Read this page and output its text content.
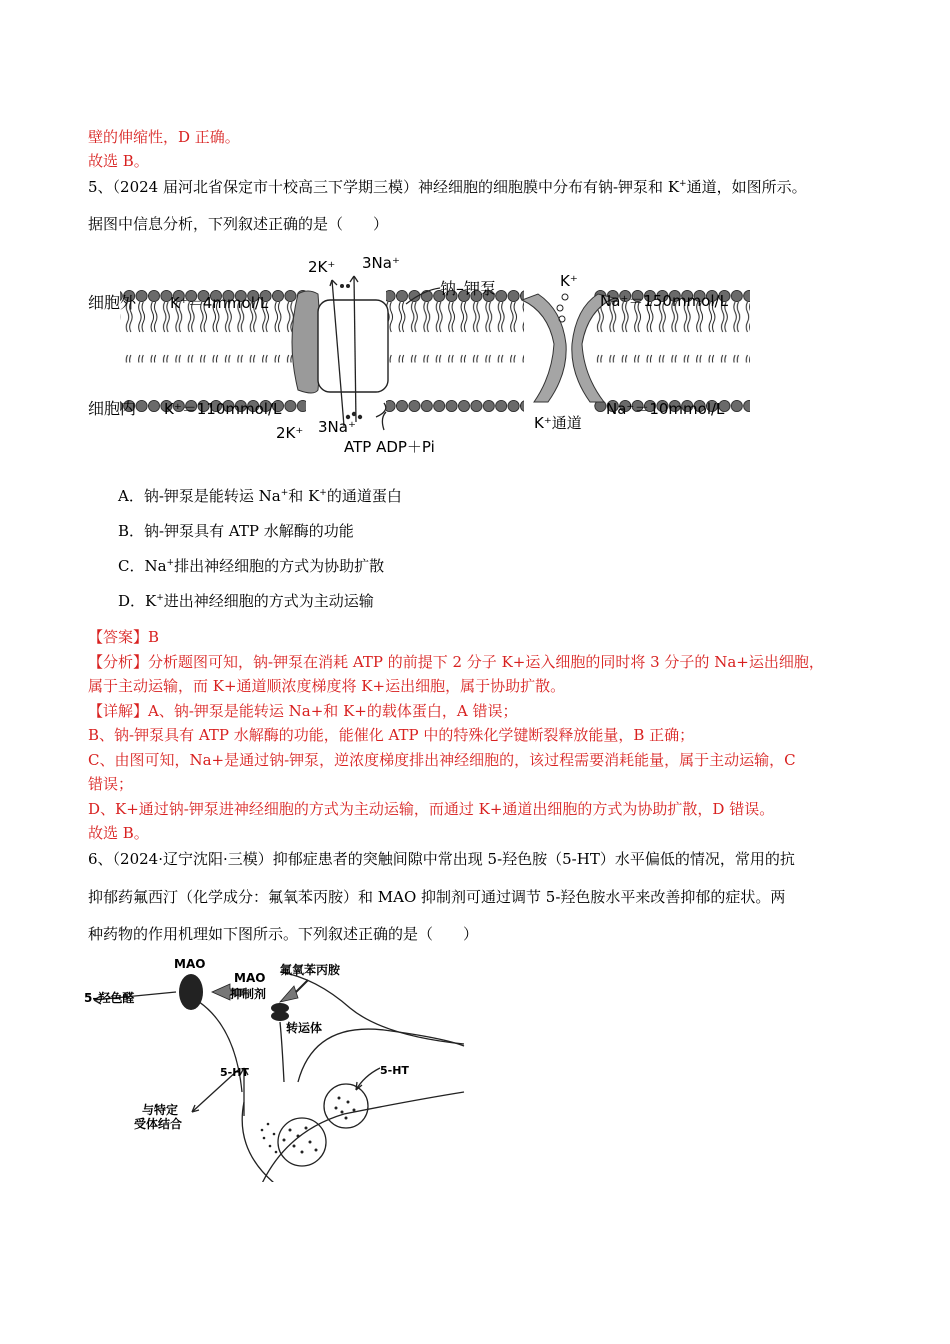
壁的伸缩性，D 正确。
故选 B。
5、（2024 届河北省保定市十校高三下学期三模）神经细胞的细胞膜中分布有钠-钾泵和 K+通道，如图所示。
据图中信息分析，下列叙述正确的是（　　）
细胞外
细胞内
K⁺＝4mmol/L
K⁺＝110mmol/L
Na⁺＝150mmol/L
Na⁺＝10mmol/L
2K⁺ 3Na⁺
钠–钾泵
2K⁺ 3Na⁺
ATP ADP＋Pi
K⁺
K⁺通道
A．钠-钾泵是能转运 Na+和 K+的通道蛋白
B．钠-钾泵具有 ATP 水解酶的功能
C．Na+排出神经细胞的方式为协助扩散
D．K+进出神经细胞的方式为主动运输
【答案】B
【分析】分析题图可知，钠-钾泵在消耗 ATP 的前提下 2 分子 K+运入细胞的同时将 3 分子的 Na+运出细胞，
属于主动运输，而 K+通道顺浓度梯度将 K+运出细胞，属于协助扩散。
【详解】A、钠-钾泵是能转运 Na+和 K+的载体蛋白，A 错误；
B、钠-钾泵具有 ATP 水解酶的功能，能催化 ATP 中的特殊化学键断裂释放能量，B 正确；
C、由图可知，Na+是通过钠-钾泵，逆浓度梯度排出神经细胞的，该过程需要消耗能量，属于主动运输，C
错误；
D、K+通过钠-钾泵进神经细胞的方式为主动运输，而通过 K+通道出细胞的方式为协助扩散，D 错误。
故选 B。
6、（2024·辽宁沈阳·三模）抑郁症患者的突触间隙中常出现 5-羟色胺（5-HT）水平偏低的情况，常用的抗
抑郁药氟西汀（化学成分：氟氧苯丙胺）和 MAO 抑制剂可通过调节 5-羟色胺水平来改善抑郁的症状。两
种药物的作用机理如下图所示。下列叙述正确的是（　　）
MAO
MAO
抑制剂
氟氧苯丙胺
5–羟色醛
转运体
5-HT	5-HT
与特定
受体结合
